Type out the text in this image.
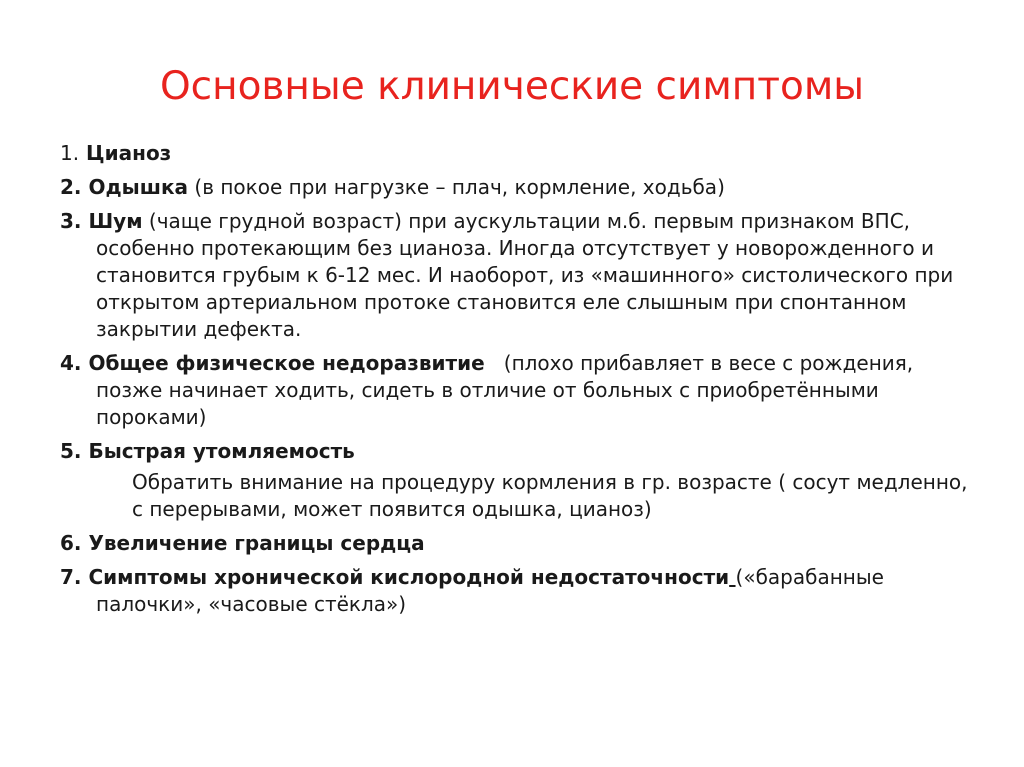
Основные клинические симптомы
1. Цианоз
2. Одышка (в покое при нагрузке – плач, кормление, ходьба)
3. Шум (чаще грудной возраст) при аускультации м.б. первым признаком ВПС, особенно протекающим без цианоза. Иногда отсутствует у новорожденного и становится грубым к 6-12 мес. И наоборот, из «машинного» систолического при открытом артериальном протоке становится еле слышным при спонтанном закрытии дефекта.
4. Общее физическое недоразвитие (плохо прибавляет в весе с рождения, позже начинает ходить, сидеть в отличие от больных с приобретёнными пороками)
5. Быстрая утомляемость
Обратить внимание на процедуру кормления в гр. возрасте ( сосут медленно, с перерывами, может появится одышка, цианоз)
6. Увеличение границы сердца
7. Симптомы хронической кислородной недостаточности («барабанные палочки», «часовые стёкла»)
